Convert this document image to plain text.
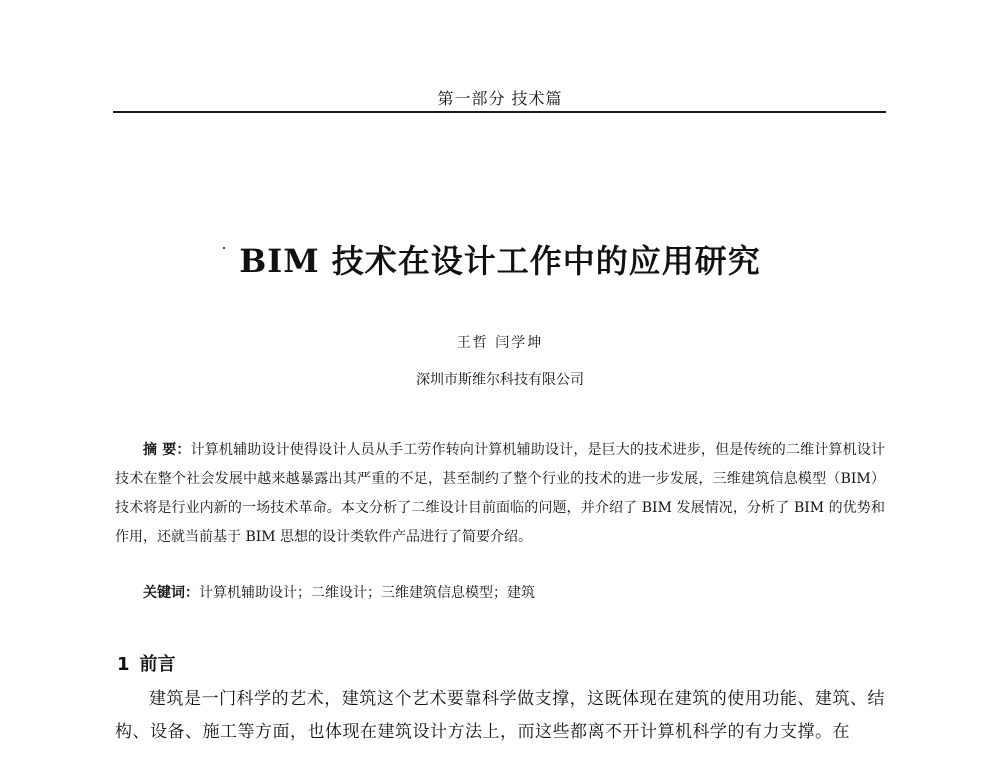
第一部分 技术篇
BIM 技术在设计工作中的应用研究
王哲 闫学坤
深圳市斯维尔科技有限公司

摘 要：计算机辅助设计使得设计人员从手工劳作转向计算机辅助设计，是巨大的技术进步，但是传统的二维计算机设计技术在整个社会发展中越来越暴露出其严重的不足，甚至制约了整个行业的技术的进一步发展，三维建筑信息模型（BIM）技术将是行业内新的一场技术革命。本文分析了二维设计目前面临的问题，并介绍了 BIM 发展情况，分析了 BIM 的优势和作用，还就当前基于 BIM 思想的设计类软件产品进行了简要介绍。

关键词：计算机辅助设计；二维设计；三维建筑信息模型；建筑
1 前言

建筑是一门科学的艺术，建筑这个艺术要靠科学做支撑，这既体现在建筑的使用功能、建筑、结构、设备、施工等方面，也体现在建筑设计方法上，而这些都离不开计算机科学的有力支撑。在
